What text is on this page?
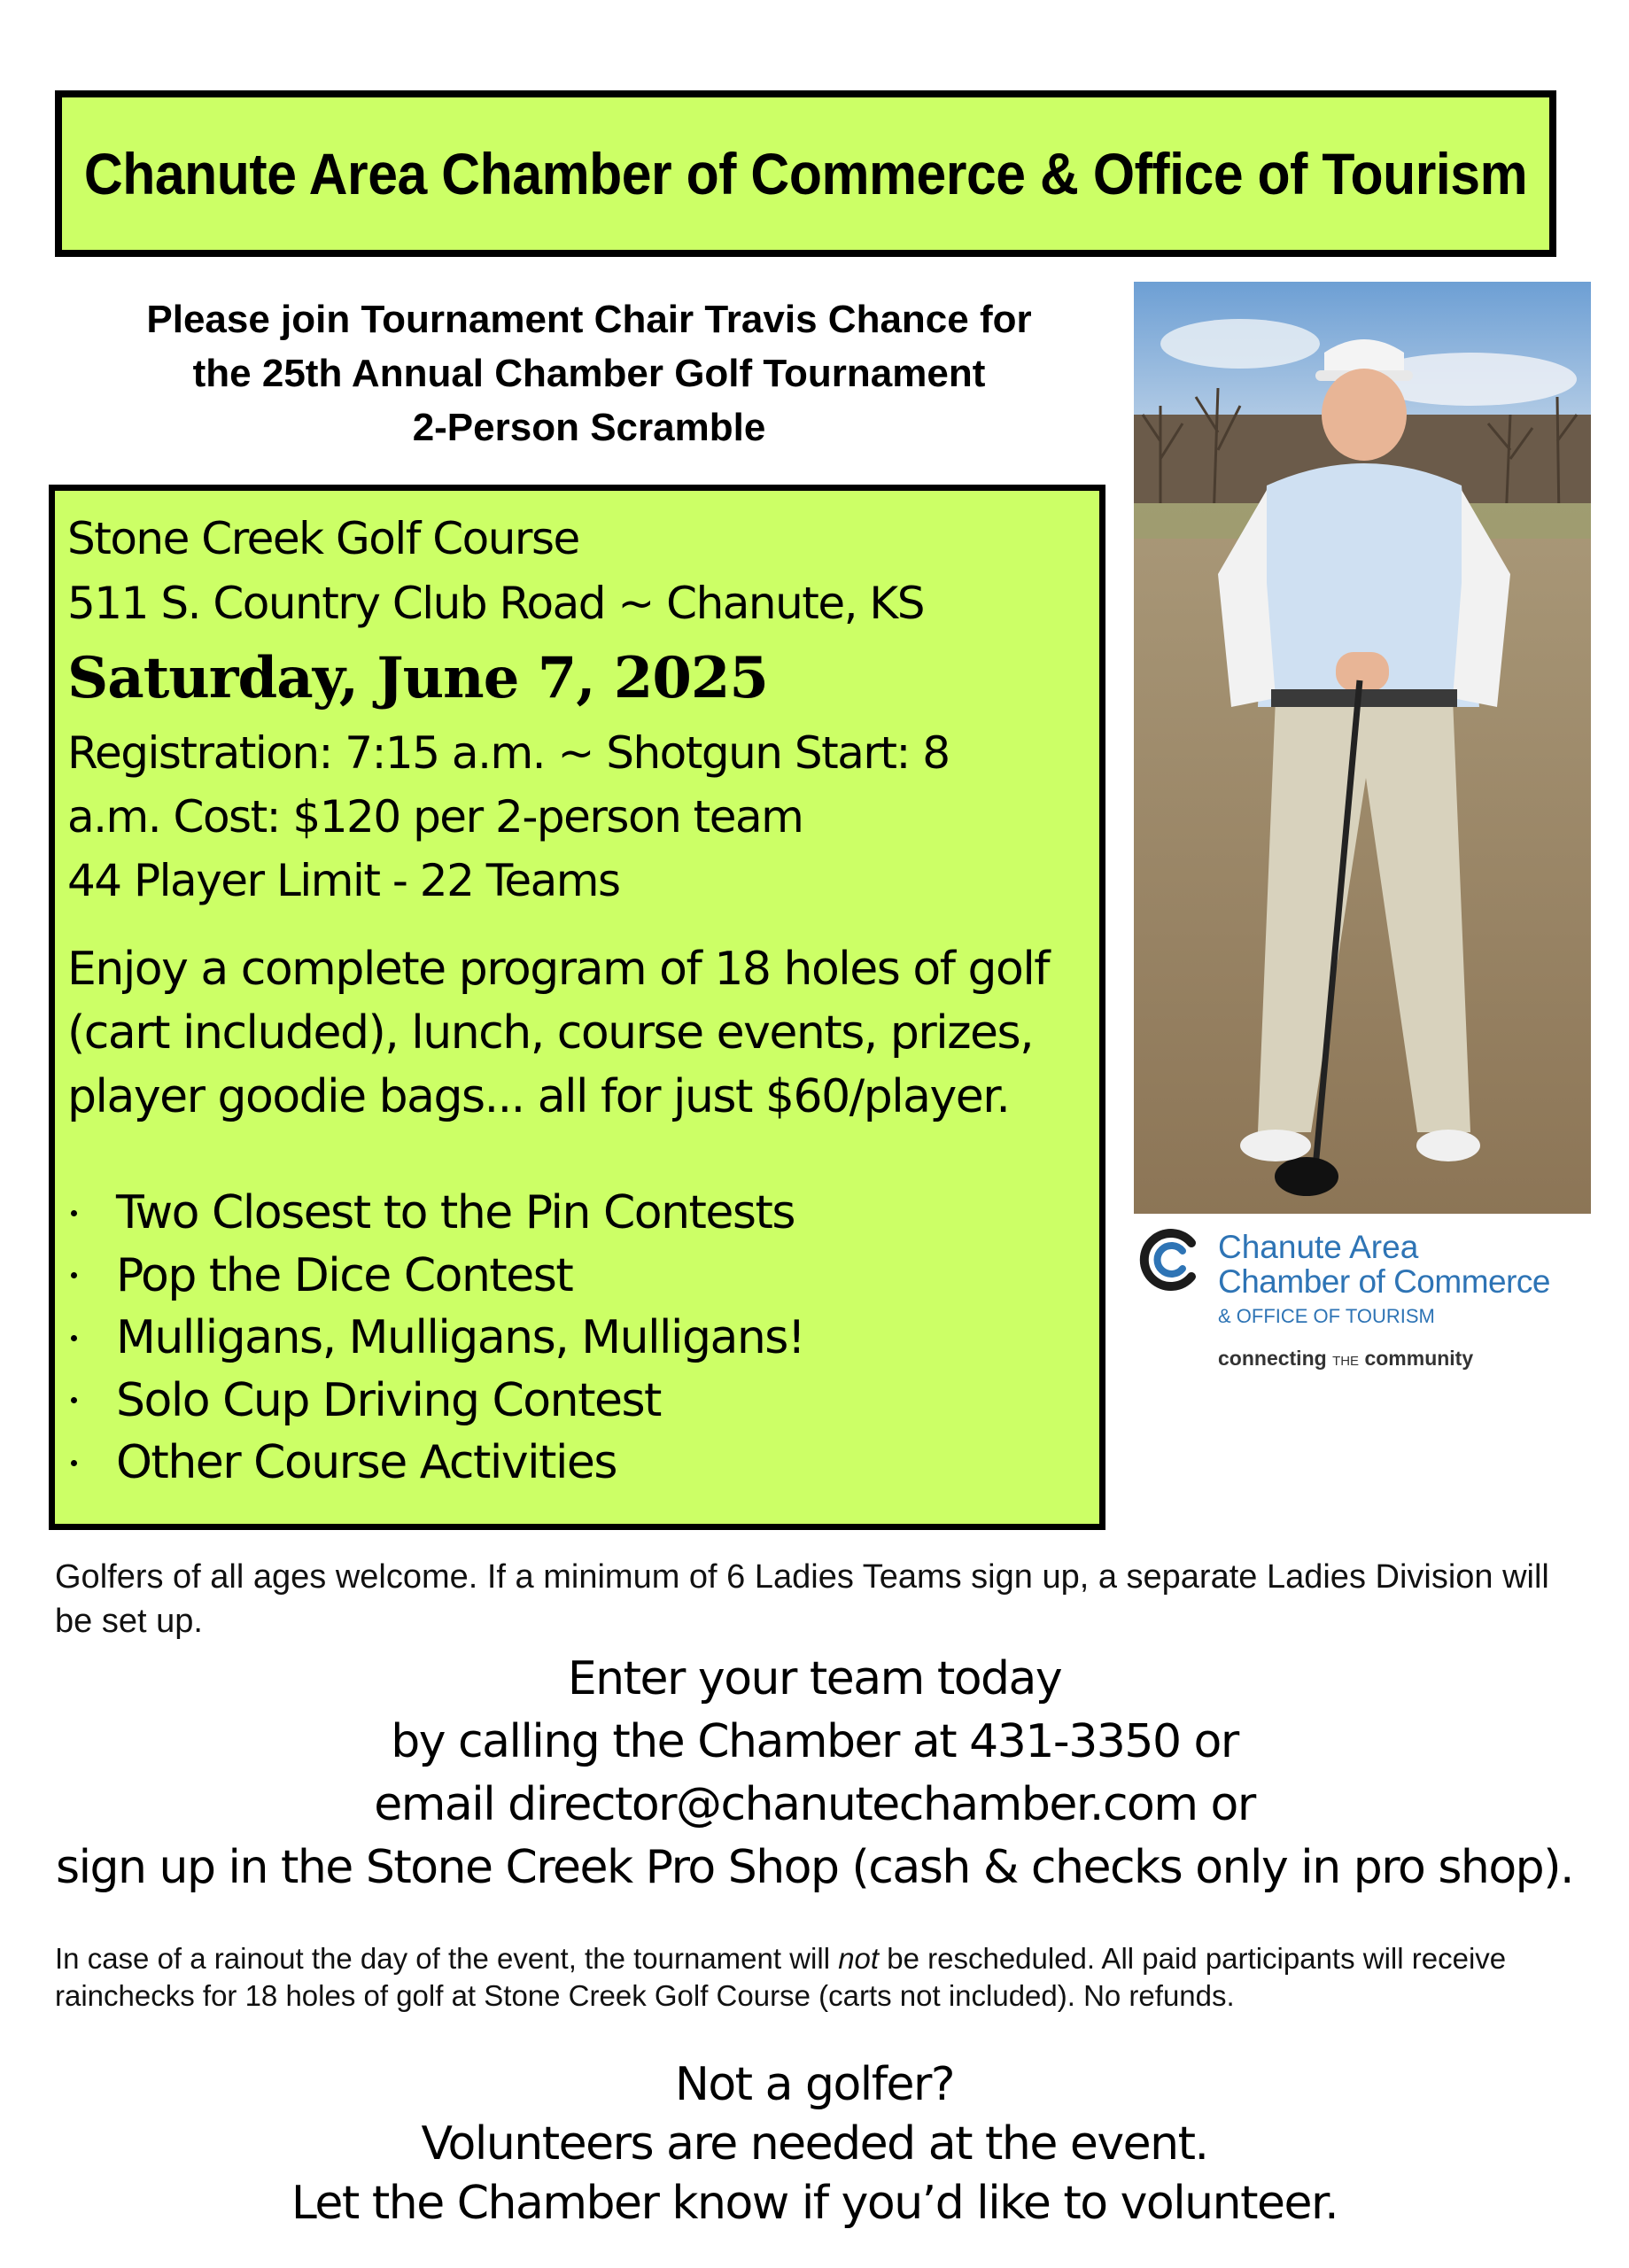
Chanute Area Chamber of Commerce & Office of Tourism
Please join Tournament Chair Travis Chance for
the 25th Annual Chamber Golf Tournament
2-Person Scramble
Stone Creek Golf Course
511 S. Country Club Road ~ Chanute, KS
Saturday, June 7, 2025
Registration: 7:15 a.m. ~ Shotgun Start: 8
a.m. Cost: $120 per 2-person team
44 Player Limit - 22 Teams
Enjoy a complete program of 18 holes of golf
(cart included), lunch, course events, prizes,
player goodie bags... all for just $60/player.
Two Closest to the Pin Contests
Pop the Dice Contest
Mulligans, Mulligans, Mulligans!
Solo Cup Driving Contest
Other Course Activities
Chanute Area
Chamber of Commerce
& OFFICE OF TOURISM
connecting THE community
Golfers of all ages welcome. If a minimum of 6 Ladies Teams sign up, a separate Ladies Division will be set up.
Enter your team today
by calling the Chamber at 431-3350 or
email director@chanutechamber.com or
sign up in the Stone Creek Pro Shop (cash & checks only in pro shop).
In case of a rainout the day of the event, the tournament will not be rescheduled. All paid participants will receive rainchecks for 18 holes of golf at Stone Creek Golf Course (carts not included). No refunds.
Not a golfer?
Volunteers are needed at the event.
Let the Chamber know if you’d like to volunteer.
